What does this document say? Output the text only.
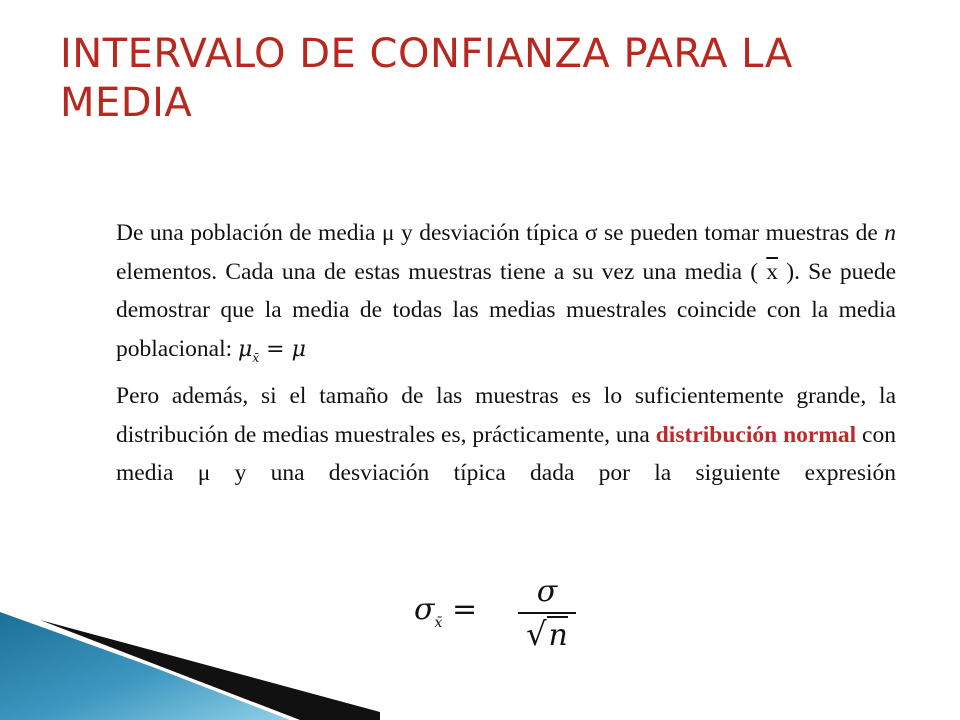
INTERVALO DE CONFIANZA PARA LA MEDIA

De una población de media μ y desviación típica σ se pueden tomar muestras de n elementos. Cada una de estas muestras tiene a su vez una media ( $\overline{x}$ ). Se puede demostrar que la media de todas las medias muestrales coincide con la media poblacional: $\mu_{x̄} = \mu$

Pero además, si el tamaño de las muestras es lo suficientemente grande, la distribución de medias muestrales es, prácticamente, una distribución normal con media μ y una desviación típica dada por la siguiente expresión

$\sigma_{x̄}$ =
σ
√n
